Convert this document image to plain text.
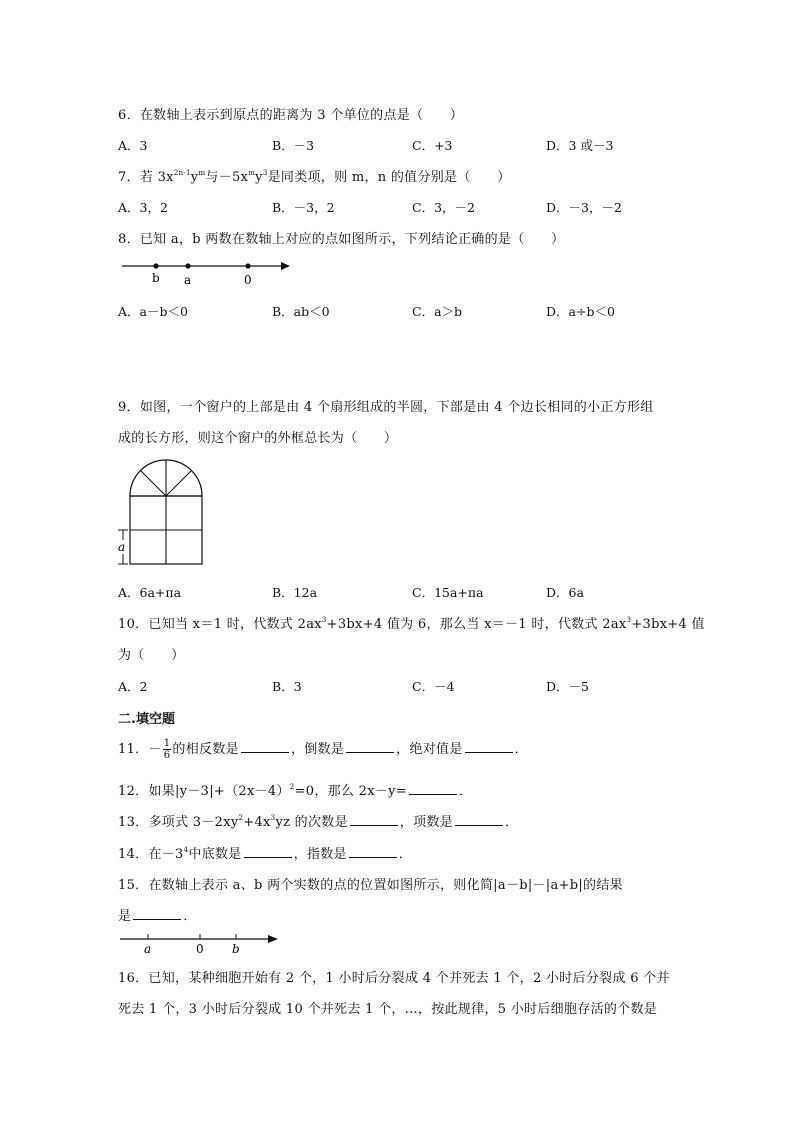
6．在数轴上表示到原点的距离为 3 个单位的点是（　　）
A．3	B．－3	C．+3	D．3 或－3
7．若 $3x^{2n-1}y^m$与$-5x^my^3$是同类项，则 m，n 的值分别是（　　）
A．3，2	B．－3，2	C．3，－2	D．－3，－2
8．已知 a，b 两数在数轴上对应的点如图所示，下列结论正确的是（　　）
b a	0
A．a－b＜0	B．ab＜0	C．a＞b	D．a÷b＜0
9．如图，一个窗户的上部是由 4 个扇形组成的半圆，下部是由 4 个边长相同的小正方形组
成的长方形，则这个窗户的外框总长为（　　）
a
A．6a+πa	B．12a	C．15a+πa	D．6a
10．已知当 x＝1 时，代数式 $2ax^3+3bx+4$ 值为 6，那么当 x＝－1 时，代数式 $2ax^3+3bx+4$ 值
为（　　）
A．2	B．3	C．－4	D．－5
二.填空题
11．－ $\frac{1}{6}$ 的相反数是	，倒数是	，绝对值是	．
12．如果$|y-3|+(2x-4)^2=0$，那么 2x－y=	．
13．多项式 $3-2xy^2+4x^3yz$ 的次数是	，项数是	．
14．在$-3^4$中底数是	，指数是	．
15．在数轴上表示 a、b 两个实数的点的位置如图所示，则化简|a－b|－|a+b|的结果
是	．
a	0 b
16．已知，某种细胞开始有 2 个，1 小时后分裂成 4 个并死去 1 个，2 小时后分裂成 6 个并
死去 1 个，3 小时后分裂成 10 个并死去 1 个，…，按此规律，5 小时后细胞存活的个数是
